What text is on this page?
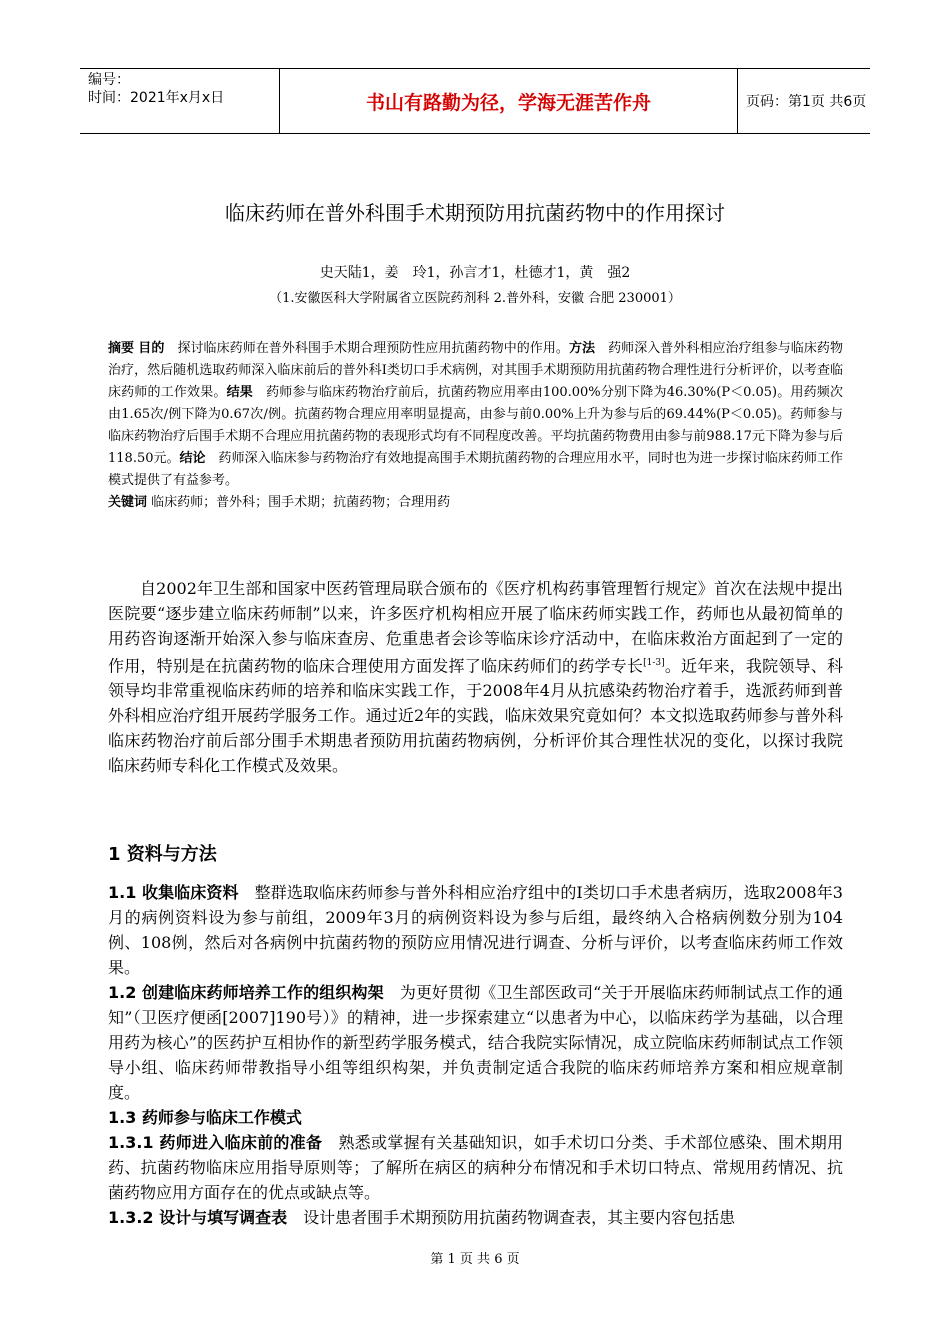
编号：
时间：2021年x月x日	书山有路勤为径，学海无涯苦作舟	页码：第1页 共6页
临床药师在普外科围手术期预防用抗菌药物中的作用探讨
史天陆1，姜　玲1，孙言才1，杜德才1，黄　强2
（1.安徽医科大学附属省立医院药剂科 2.普外科，安徽 合肥 230001）
摘要 目的　探讨临床药师在普外科围手术期合理预防性应用抗菌药物中的作用。方法　药师深入普外科相应治疗组参与临床药物治疗，然后随机选取药师深入临床前后的普外科Ⅰ类切口手术病例，对其围手术期预防用抗菌药物合理性进行分析评价，以考查临床药师的工作效果。结果　药师参与临床药物治疗前后，抗菌药物应用率由100.00%分别下降为46.30%(P＜0.05)。用药频次由1.65次/例下降为0.67次/例。抗菌药物合理应用率明显提高，由参与前0.00%上升为参与后的69.44%(P＜0.05)。药师参与临床药物治疗后围手术期不合理应用抗菌药物的表现形式均有不同程度改善。平均抗菌药物费用由参与前988.17元下降为参与后118.50元。结论　药师深入临床参与药物治疗有效地提高围手术期抗菌药物的合理应用水平，同时也为进一步探讨临床药师工作模式提供了有益参考。
关键词 临床药师；普外科；围手术期；抗菌药物；合理用药

自2002年卫生部和国家中医药管理局联合颁布的《医疗机构药事管理暂行规定》首次在法规中提出医院要“逐步建立临床药师制”以来，许多医疗机构相应开展了临床药师实践工作，药师也从最初简单的用药咨询逐渐开始深入参与临床查房、危重患者会诊等临床诊疗活动中，在临床救治方面起到了一定的作用，特别是在抗菌药物的临床合理使用方面发挥了临床药师们的药学专长[1-3]。近年来，我院领导、科领导均非常重视临床药师的培养和临床实践工作，于2008年4月从抗感染药物治疗着手，选派药师到普外科相应治疗组开展药学服务工作。通过近2年的实践，临床效果究竟如何？本文拟选取药师参与普外科临床药物治疗前后部分围手术期患者预防用抗菌药物病例，分析评价其合理性状况的变化，以探讨我院临床药师专科化工作模式及效果。

1 资料与方法

1.1 收集临床资料　整群选取临床药师参与普外科相应治疗组中的Ⅰ类切口手术患者病历，选取2008年3月的病例资料设为参与前组，2009年3月的病例资料设为参与后组，最终纳入合格病例数分别为104例、108例，然后对各病例中抗菌药物的预防应用情况进行调查、分析与评价，以考查临床药师工作效果。

1.2 创建临床药师培养工作的组织构架　为更好贯彻《卫生部医政司“关于开展临床药师制试点工作的通知”（卫医疗便函[2007]190号）》的精神，进一步探索建立“以患者为中心，以临床药学为基础，以合理用药为核心”的医药护互相协作的新型药学服务模式，结合我院实际情况，成立院临床药师制试点工作领导小组、临床药师带教指导小组等组织构架，并负责制定适合我院的临床药师培养方案和相应规章制度。

1.3 药师参与临床工作模式

1.3.1 药师进入临床前的准备　熟悉或掌握有关基础知识，如手术切口分类、手术部位感染、围术期用药、抗菌药物临床应用指导原则等；了解所在病区的病种分布情况和手术切口特点、常规用药情况、抗菌药物应用方面存在的优点或缺点等。

1.3.2 设计与填写调查表　设计患者围手术期预防用抗菌药物调查表，其主要内容包括患

第 1 页 共 6 页
